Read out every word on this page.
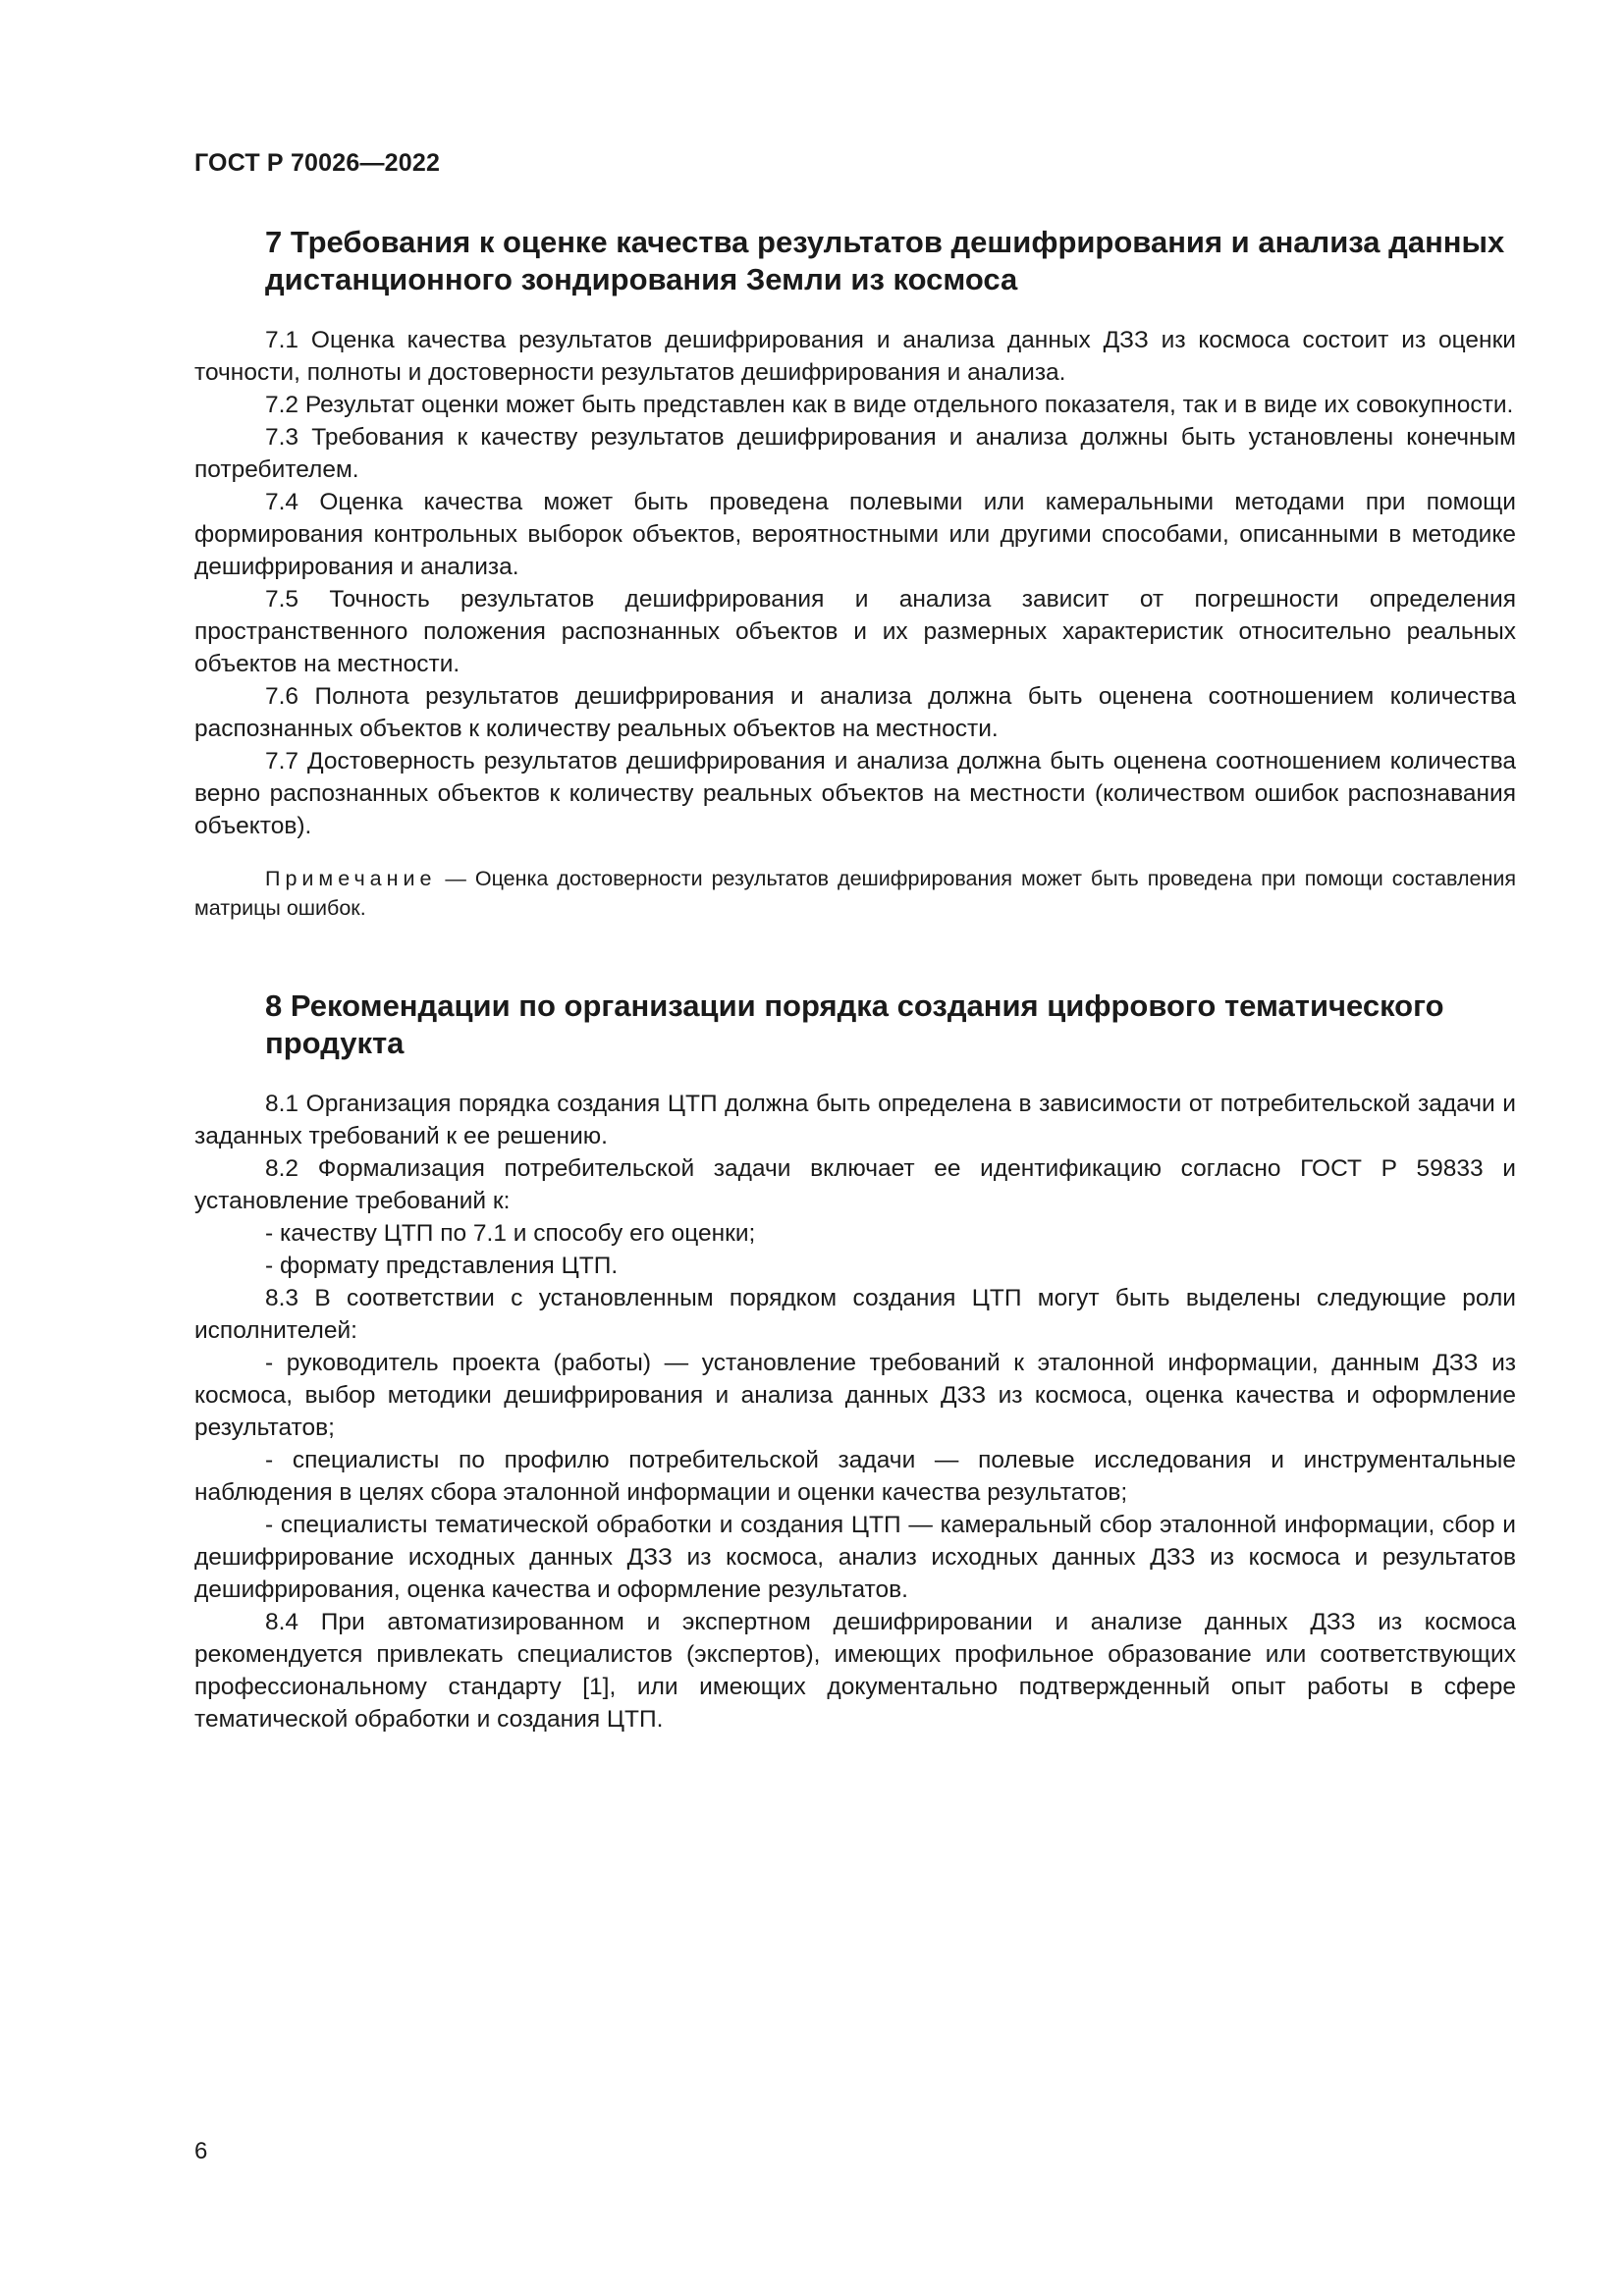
ГОСТ Р 70026—2022
7 Требования к оценке качества результатов дешифрирования и анализа данных дистанционного зондирования Земли из космоса

7.1 Оценка качества результатов дешифрирования и анализа данных ДЗЗ из космоса состоит из оценки точности, полноты и достоверности результатов дешифрирования и анализа.

7.2 Результат оценки может быть представлен как в виде отдельного показателя, так и в виде их совокупности.

7.3 Требования к качеству результатов дешифрирования и анализа должны быть установлены конечным потребителем.

7.4 Оценка качества может быть проведена полевыми или камеральными методами при помощи формирования контрольных выборок объектов, вероятностными или другими способами, описанными в методике дешифрирования и анализа.

7.5 Точность результатов дешифрирования и анализа зависит от погрешности определения пространственного положения распознанных объектов и их размерных характеристик относительно реальных объектов на местности.

7.6 Полнота результатов дешифрирования и анализа должна быть оценена соотношением количества распознанных объектов к количеству реальных объектов на местности.

7.7 Достоверность результатов дешифрирования и анализа должна быть оценена соотношением количества верно распознанных объектов к количеству реальных объектов на местности (количеством ошибок распознавания объектов).

Примечание — Оценка достоверности результатов дешифрирования может быть проведена при помощи составления матрицы ошибок.

8 Рекомендации по организации порядка создания цифрового тематического продукта

8.1 Организация порядка создания ЦТП должна быть определена в зависимости от потребительской задачи и заданных требований к ее решению.

8.2 Формализация потребительской задачи включает ее идентификацию согласно ГОСТ Р 59833 и установление требований к:

- качеству ЦТП по 7.1 и способу его оценки;

- формату представления ЦТП.

8.3 В соответствии с установленным порядком создания ЦТП могут быть выделены следующие роли исполнителей:

- руководитель проекта (работы) — установление требований к эталонной информации, данным ДЗЗ из космоса, выбор методики дешифрирования и анализа данных ДЗЗ из космоса, оценка качества и оформление результатов;

- специалисты по профилю потребительской задачи — полевые исследования и инструментальные наблюдения в целях сбора эталонной информации и оценки качества результатов;

- специалисты тематической обработки и создания ЦТП — камеральный сбор эталонной информации, сбор и дешифрирование исходных данных ДЗЗ из космоса, анализ исходных данных ДЗЗ из космоса и результатов дешифрирования, оценка качества и оформление результатов.

8.4 При автоматизированном и экспертном дешифрировании и анализе данных ДЗЗ из космоса рекомендуется привлекать специалистов (экспертов), имеющих профильное образование или соответствующих профессиональному стандарту [1], или имеющих документально подтвержденный опыт работы в сфере тематической обработки и создания ЦТП.

6
